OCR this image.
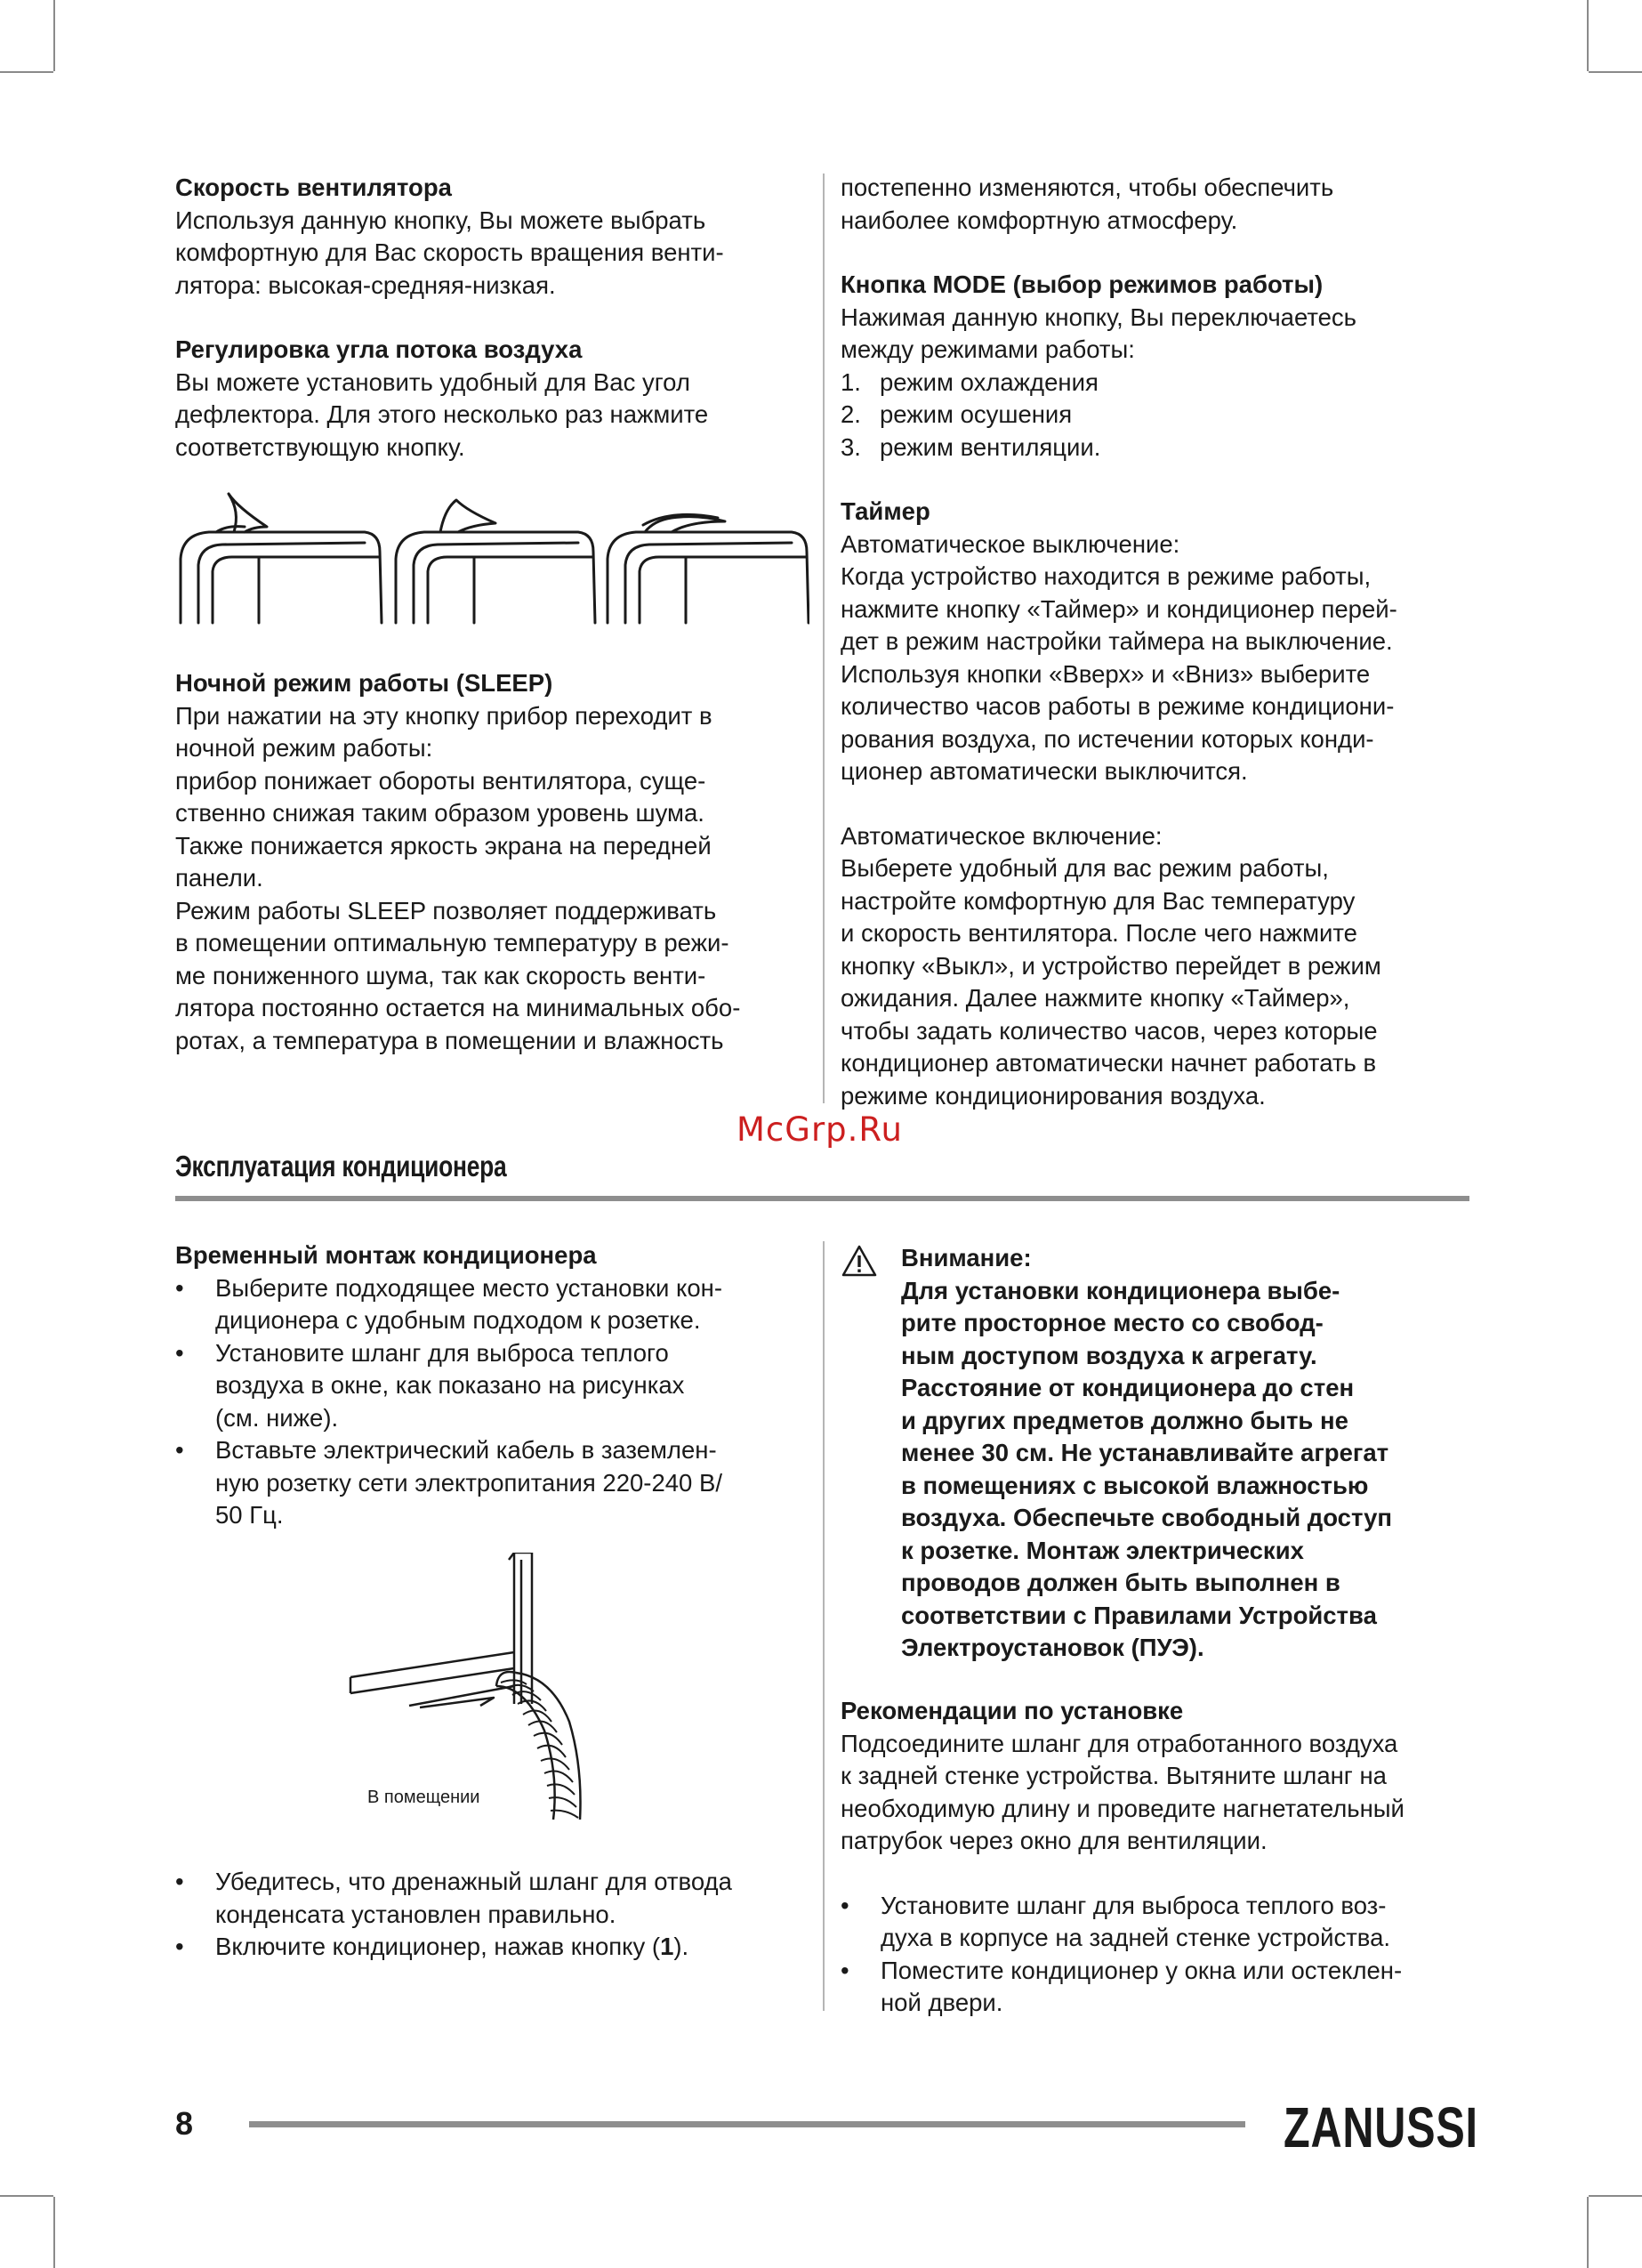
Скорость вентилятора

Используя данную кнопку, Вы можете выбрать

комфортную для Вас скорость вращения венти-

лятора: высокая-средняя-низкая.

Регулировка угла потока воздуха

Вы можете установить удобный для Вас угол

дефлектора. Для этого несколько раз нажмите

соответствующую кнопку.

Ночной режим работы (SLEEP)

При нажатии на эту кнопку прибор переходит в

ночной режим работы:

прибор понижает обороты вентилятора, суще-

ственно снижая таким образом уровень шума.

Также понижается яркость экрана на передней

панели.

Режим работы SLEEP позволяет поддерживать

в помещении оптимальную температуру в режи-

ме пониженного шума, так как скорость венти-

лятора постоянно остается на минимальных обо-

ротах, а температура в помещении и влажность

постепенно изменяются, чтобы обеспечить

наиболее комфортную атмосферу.

Кнопка MODE (выбор режимов работы)

Нажимая данную кнопку, Вы переключаетесь

между режимами работы:

1. режим охлаждения
2. режим осушения
3. режим вентиляции.

Таймер

Автоматическое выключение:

Когда устройство находится в режиме работы,

нажмите кнопку «Таймер» и кондиционер перей-

дет в режим настройки таймера на выключение.

Используя кнопки «Вверх» и «Вниз» выберите

количество часов работы в режиме кондициони-

рования воздуха, по истечении которых конди-

ционер автоматически выключится.

Автоматическое включение:

Выберете удобный для вас режим работы,

настройте комфортную для Вас температуру

и скорость вентилятора. После чего нажмите

кнопку «Выкл», и устройство перейдет в режим

ожидания. Далее нажмите кнопку «Таймер»,

чтобы задать количество часов, через которые

кондиционер автоматически начнет работать в

режиме кондиционирования воздуха.

McGrp.Ru
Эксплуатация кондиционера

Временный монтаж кондиционера

• Выберите подходящее место установки кон-

диционера с удобным подходом к розетке.

• Установите шланг для выброса теплого

воздуха в окне, как показано на рисунках

(см. ниже).

• Вставьте электрический кабель в заземлен-

ную розетку сети электропитания 220-240 В/

50 Гц.

В помещении

• Убедитесь, что дренажный шланг для отвода

конденсата установлен правильно.

• Включите кондиционер, нажав кнопку (1).

Внимание:

Для установки кондиционера выбе-

рите просторное место со свобод-

ным доступом воздуха к агрегату.

Расстояние от кондиционера до стен

и других предметов должно быть не

менее 30 см. Не устанавливайте агрегат

в помещениях с высокой влажностью

воздуха. Обеспечьте свободный доступ

к розетке. Монтаж электрических

проводов должен быть выполнен в

соответствии с Правилами Устройства

Электроустановок (ПУЭ).

Рекомендации по установке

Подсоедините шланг для отработанного воздуха

к задней стенке устройства. Вытяните шланг на

необходимую длину и проведите нагнетательный

патрубок через окно для вентиляции.

• Установите шланг для выброса теплого воз-

духа в корпусе на задней стенке устройства.

• Поместите кондиционер у окна или остеклен-

ной двери.

8	ZANUSSI
